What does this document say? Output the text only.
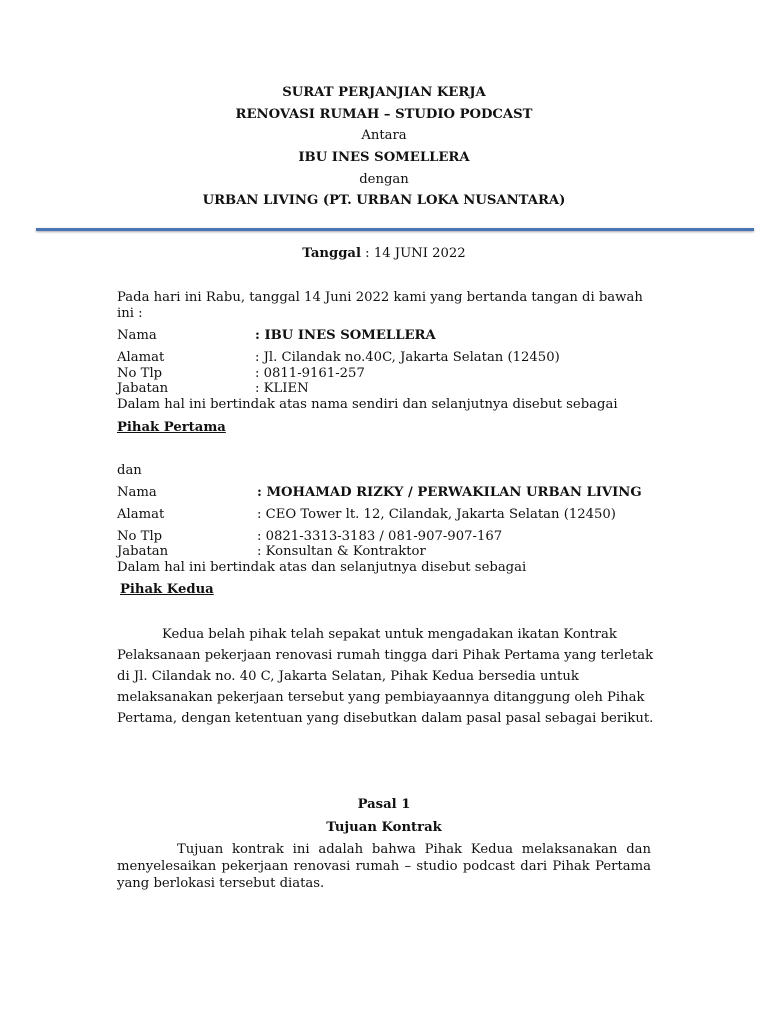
SURAT PERJANJIAN KERJA
RENOVASI RUMAH – STUDIO PODCAST
Antara
IBU INES SOMELLERA
dengan
URBAN LIVING (PT. URBAN LOKA NUSANTARA)
Tanggal : 14 JUNI 2022
Pada hari ini Rabu, tanggal 14 Juni 2022 kami yang bertanda tangan di bawah
ini :
Nama	: IBU INES SOMELLERA
Alamat	: Jl. Cilandak no.40C, Jakarta Selatan (12450)
No Tlp	: 0811-9161-257
Jabatan	: KLIEN
Dalam hal ini bertindak atas nama sendiri dan selanjutnya disebut sebagai
Pihak Pertama
dan
Nama	: MOHAMAD RIZKY / PERWAKILAN URBAN LIVING
Alamat	: CEO Tower lt. 12, Cilandak, Jakarta Selatan (12450)
No Tlp	: 0821-3313-3183 / 081-907-907-167
Jabatan	: Konsultan & Kontraktor
Dalam hal ini bertindak atas dan selanjutnya disebut sebagai
Pihak Kedua
Kedua belah pihak telah sepakat untuk mengadakan ikatan Kontrak
Pelaksanaan pekerjaan renovasi rumah tingga dari Pihak Pertama yang terletak
di Jl. Cilandak no. 40 C, Jakarta Selatan, Pihak Kedua bersedia untuk
melaksanakan pekerjaan tersebut yang pembiayaannya ditanggung oleh Pihak
Pertama, dengan ketentuan yang disebutkan dalam pasal pasal sebagai berikut.
Pasal 1
Tujuan Kontrak
Tujuan kontrak ini adalah bahwa Pihak Kedua melaksanakan dan menyelesaikan pekerjaan renovasi rumah – studio podcast dari Pihak Pertama yang berlokasi tersebut diatas.
